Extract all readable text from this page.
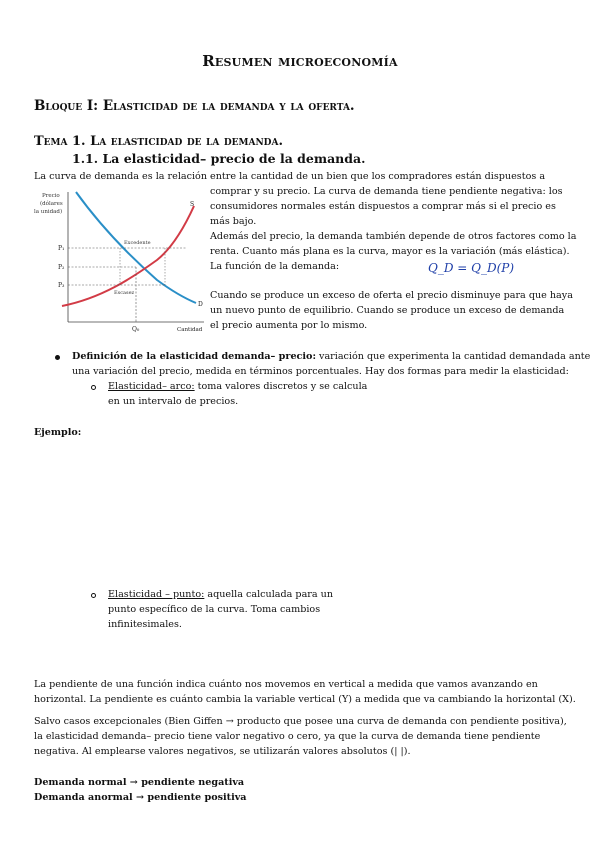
Resumen microeconomía
Bloque I: Elasticidad de la demanda y la oferta.
Tema 1. La elasticidad de la demanda.
1.1. La elasticidad– precio de la demanda.
La curva de demanda es la relación entre la cantidad de un bien que los compradores están dispuestos a
comprar y su precio. La curva de demanda tiene pendiente negativa: los
consumidores normales están dispuestos a comprar más si el precio es
más bajo.
Además del precio, la demanda también depende de otros factores como la
renta. Cuanto más plana es la curva, mayor es la variación (más elástica).
La función de la demanda:	Q_D = Q_D(P)
Cuando se produce un exceso de oferta el precio disminuye para que haya
un nuevo punto de equilibrio. Cuando se produce un exceso de demanda
el precio aumenta por lo mismo.
Precio
(dólares
la unidad)
P₁
P₂
P₃
Q₀	Cantidad
S
D
Excedente
Escasez
Definición de la elasticidad demanda– precio: variación que experimenta la cantidad demandada ante
una variación del precio, medida en términos porcentuales. Hay dos formas para medir la elasticidad:
Elasticidad– arco: toma valores discretos y se calcula
en un intervalo de precios.
Ejemplo:
Elasticidad – punto: aquella calculada para un
punto específico de la curva. Toma cambios
infinitesimales.
La pendiente de una función indica cuánto nos movemos en vertical a medida que vamos avanzando en
horizontal. La pendiente es cuánto cambia la variable vertical (Y) a medida que va cambiando la horizontal (X).
Salvo casos excepcionales (Bien Giffen → producto que posee una curva de demanda con pendiente positiva),
la elasticidad demanda– precio tiene valor negativo o cero, ya que la curva de demanda tiene pendiente
negativa. Al emplearse valores negativos, se utilizarán valores absolutos (| |).
Demanda normal → pendiente negativa
Demanda anormal → pendiente positiva
